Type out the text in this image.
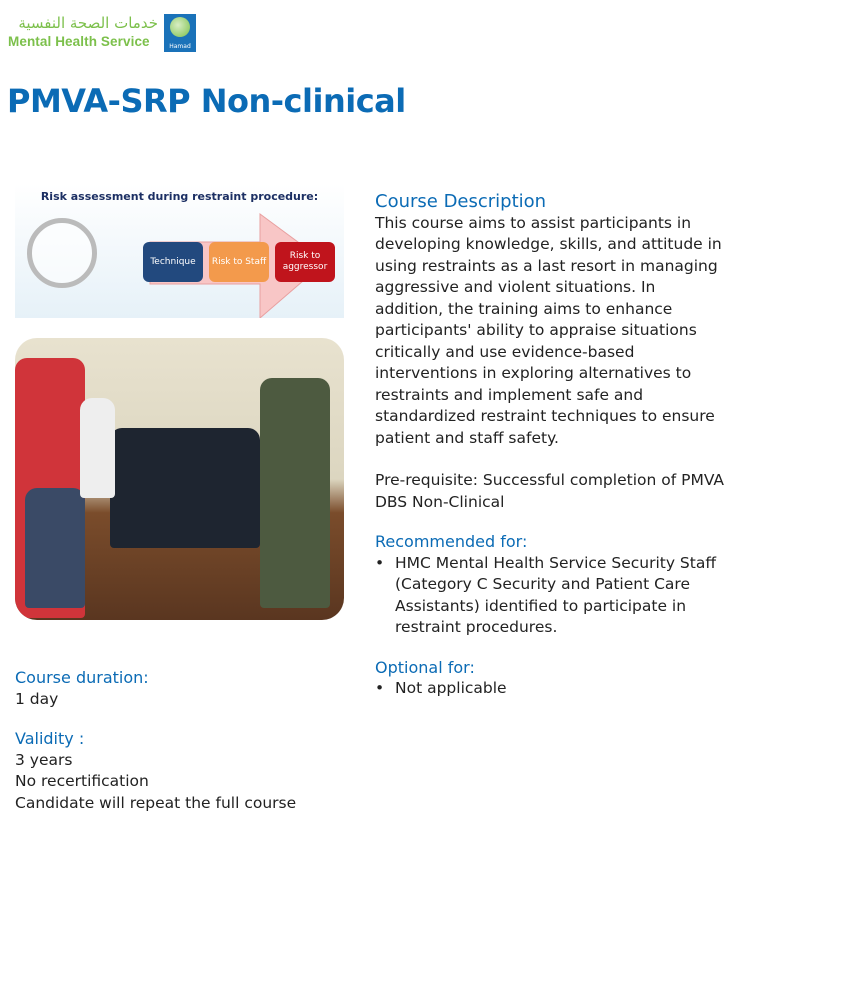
خدمات الصحة النفسية
Mental Health Service	Hamad
PMVA-SRP Non-clinical
Risk assessment during restraint procedure:
Technique	Risk to Staff
Risk to aggressor
Course duration:
1 day
Validity :
3 years
No recertification
Candidate will repeat the full course
Course Description
This course aims to assist participants in developing knowledge, skills, and attitude in using restraints as a last resort in managing aggressive and violent situations. In addition, the training aims to enhance participants' ability to appraise situations critically and use evidence-based interventions in exploring alternatives to restraints and implement safe and standardized restraint techniques to ensure patient and staff safety.
Pre-requisite: Successful completion of PMVA DBS Non-Clinical
Recommended for:
• HMC Mental Health Service Security Staff (Category C Security and Patient Care Assistants) identified to participate in restraint procedures.
Optional for:
• Not applicable
